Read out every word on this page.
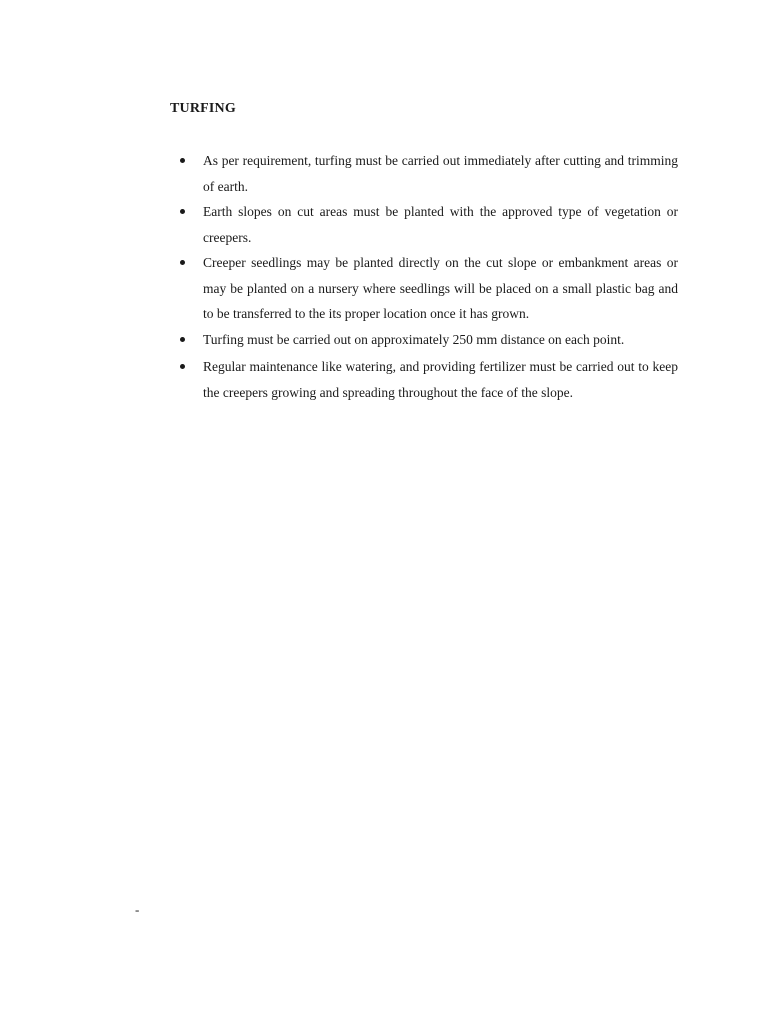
TURFING
As per requirement, turfing must be carried out immediately after cutting and trimming of earth.
Earth slopes on cut areas must be planted with the approved type of vegetation or creepers.
Creeper seedlings may be planted directly on the cut slope or embankment areas or may be planted on a nursery where seedlings will be placed on a small plastic bag and to be transferred to the its proper location once it has grown.
Turfing must be carried out on approximately 250 mm distance on each point.
Regular maintenance like watering, and providing fertilizer must be carried out to keep the creepers growing and spreading throughout the face of the slope.

-
